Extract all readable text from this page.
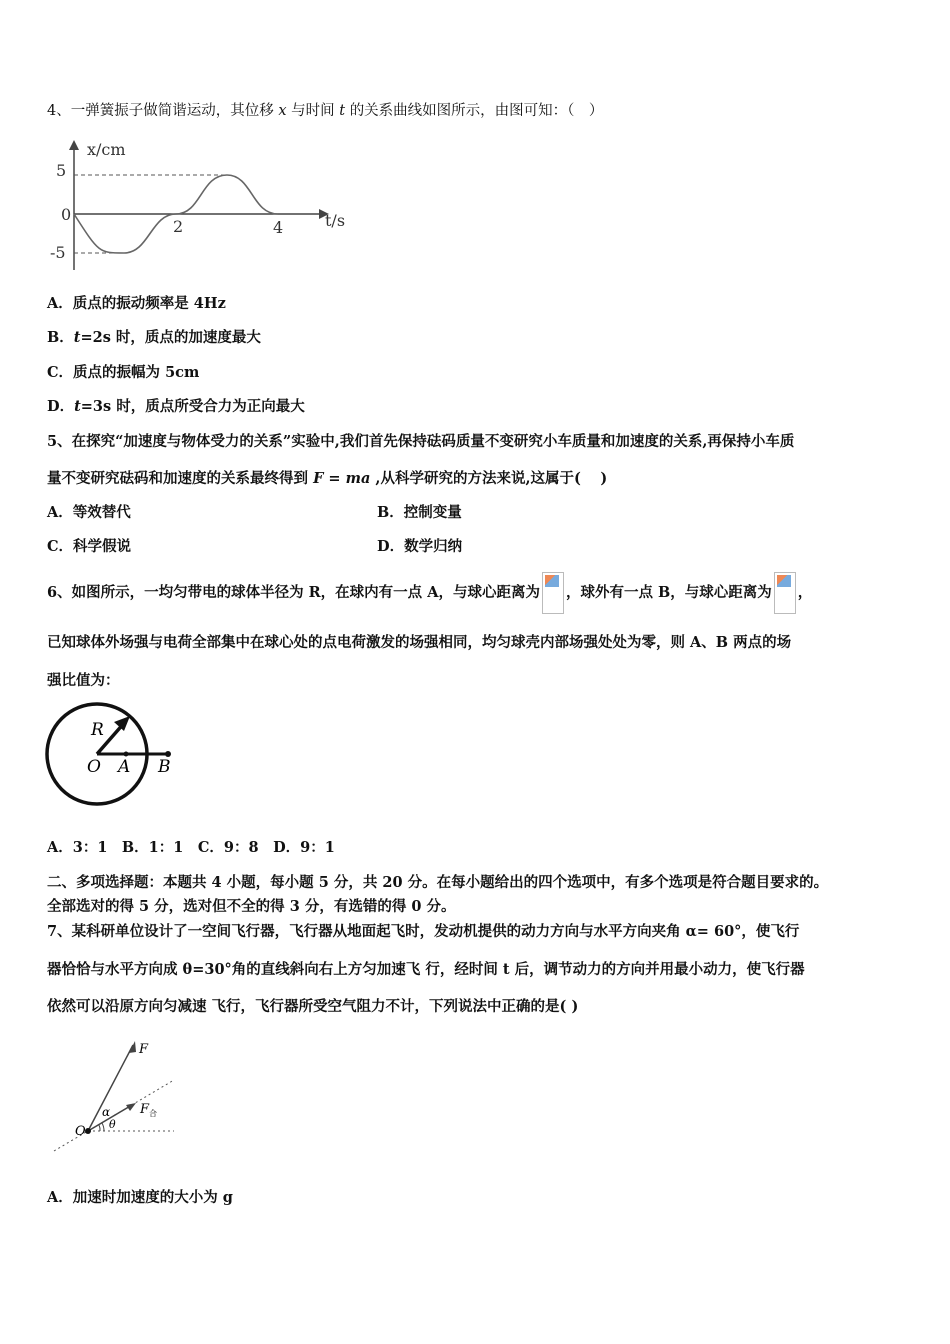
4、一弹簧振子做简谐运动，其位移 x 与时间 t 的关系曲线如图所示，由图可知：（　）
x/cm
5
0
-5
2	4	t/s
A．质点的振动频率是 4Hz
B．t=2s 时，质点的加速度最大
C．质点的振幅为 5cm
D．t=3s 时，质点所受合力为正向最大
5、在探究“加速度与物体受力的关系”实验中,我们首先保持砝码质量不变研究小车质量和加速度的关系,再保持小车质
量不变研究砝码和加速度的关系最终得到 F = ma ,从科学研究的方法来说,这属于(　 )
A．等效替代	B．控制变量
C．科学假说	D．数学归纳
6、如图所示，一均匀带电的球体半径为 R，在球内有一点 A，与球心距离为 ，球外有一点 B，与球心距离为 ，
已知球体外场强与电荷全部集中在球心处的点电荷激发的场强相同，均匀球壳内部场强处处为零，则 A、B 两点的场
强比值为：
R
O A B
A．3：1　B．1：1　C．9：8　D．9：1
二、多项选择题：本题共 4 小题，每小题 5 分，共 20 分。在每小题给出的四个选项中，有多个选项是符合题目要求的。
全部选对的得 5 分，选对但不全的得 3 分，有选错的得 0 分。
7、某科研单位设计了一空间飞行器，飞行器从地面起飞时，发动机提供的动力方向与水平方向夹角 α= 60°，使飞行
器恰恰与水平方向成 θ=30°角的直线斜向右上方匀加速飞 行，经时间 t 后，调节动力的方向并用最小动力，使飞行器
依然可以沿原方向匀减速 飞行，飞行器所受空气阻力不计，下列说法中正确的是( )
F
$F_合$
O
α
θ
A．加速时加速度的大小为 g
